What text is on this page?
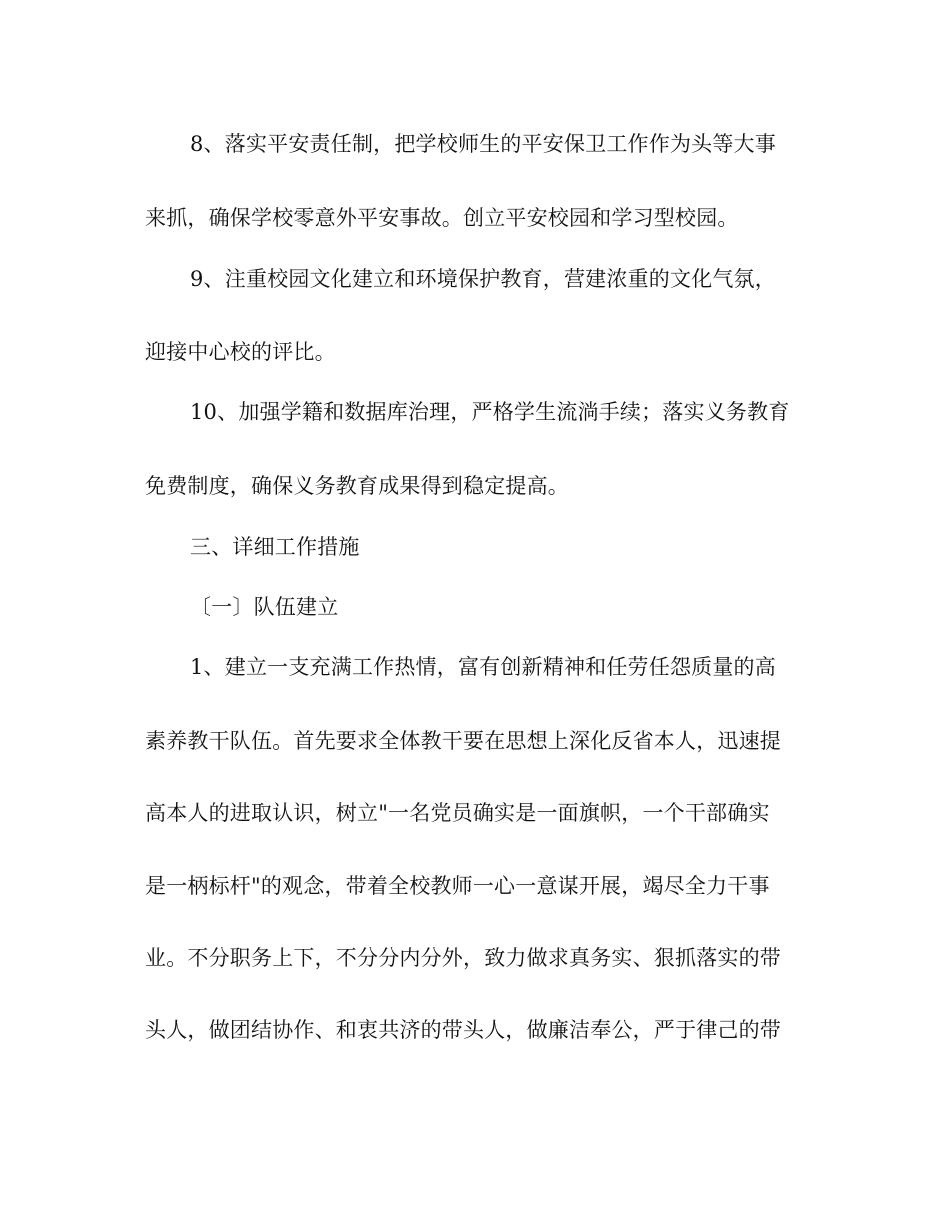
8、落实平安责任制，把学校师生的平安保卫工作作为头等大事
来抓，确保学校零意外平安事故。创立平安校园和学习型校园。
9、注重校园文化建立和环境保护教育，营建浓重的文化气氛，
迎接中心校的评比。
10、加强学籍和数据库治理，严格学生流淌手续；落实义务教育
免费制度，确保义务教育成果得到稳定提高。
三、详细工作措施
〔一〕队伍建立
1、建立一支充满工作热情，富有创新精神和任劳任怨质量的高
素养教干队伍。首先要求全体教干要在思想上深化反省本人，迅速提
高本人的进取认识，树立"一名党员确实是一面旗帜，一个干部确实
是一柄标杆"的观念，带着全校教师一心一意谋开展，竭尽全力干事
业。不分职务上下，不分分内分外，致力做求真务实、狠抓落实的带
头人，做团结协作、和衷共济的带头人，做廉洁奉公，严于律己的带
